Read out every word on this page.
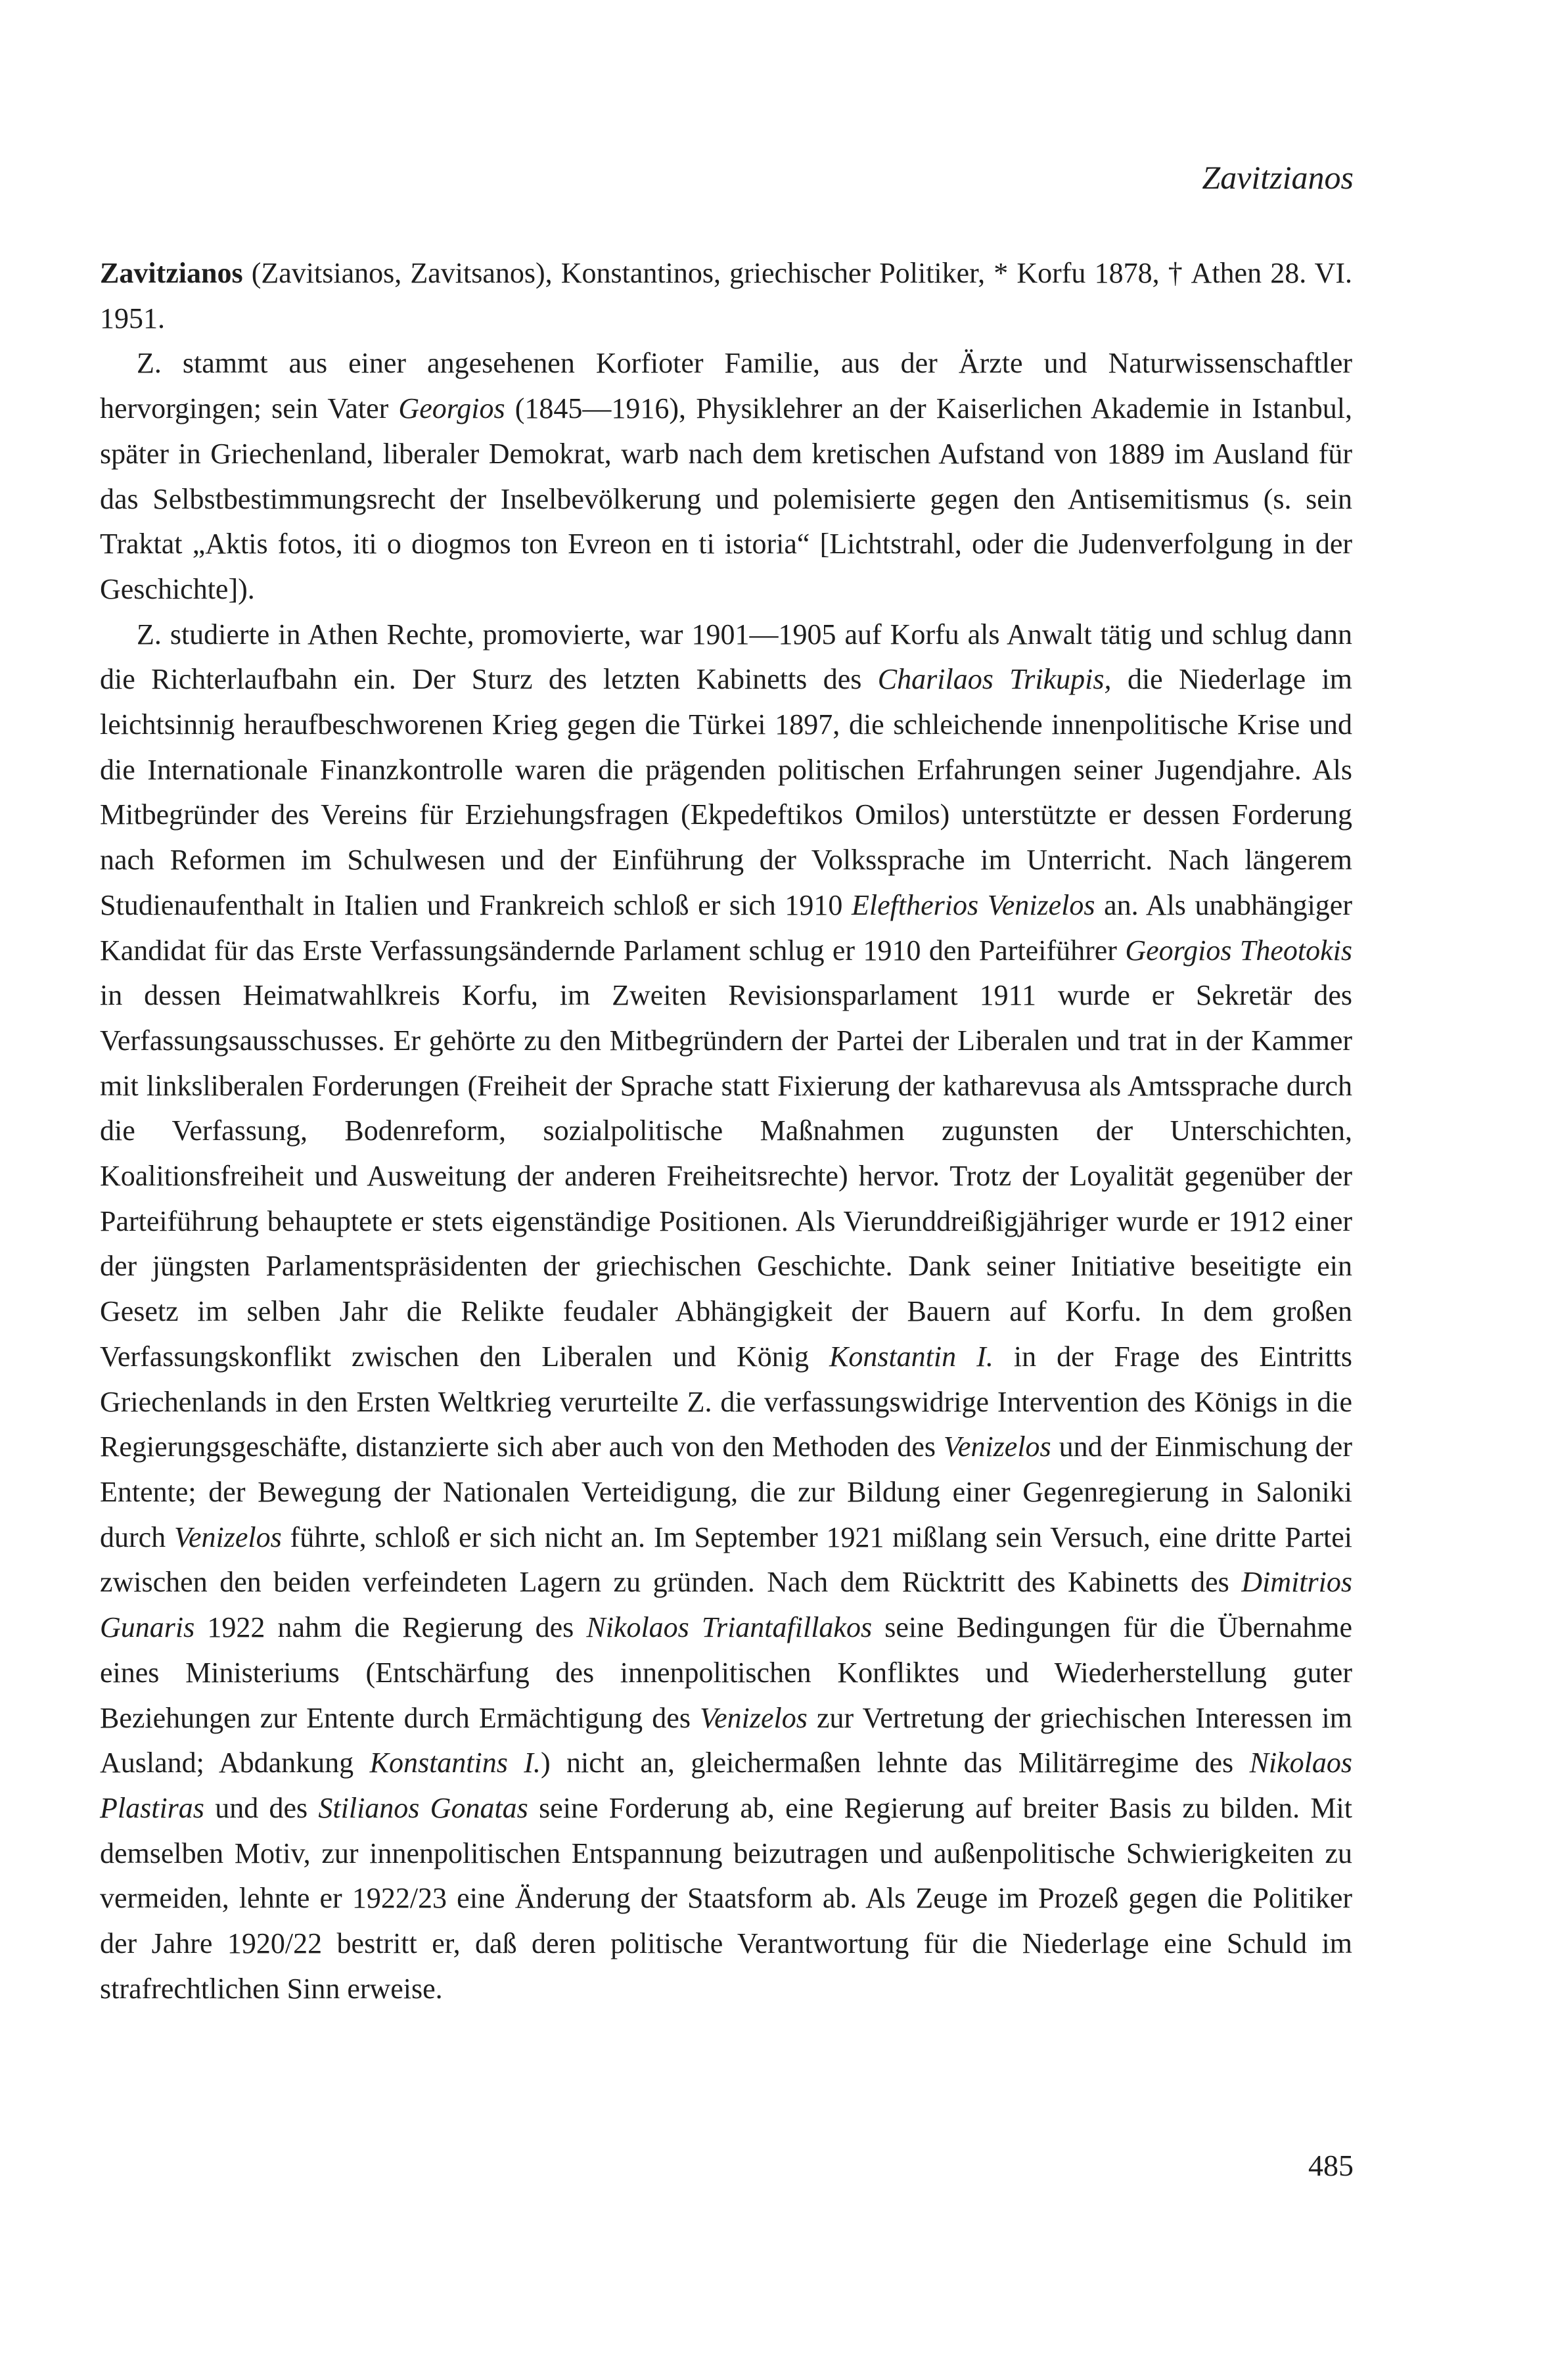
Zavitzianos

Zavitzianos (Zavitsianos, Zavitsanos), Konstantinos, griechischer Politiker, * Korfu 1878, † Athen 28. VI. 1951.

Z. stammt aus einer angesehenen Korfioter Familie, aus der Ärzte und Naturwissenschaftler hervorgingen; sein Vater Georgios (1845—1916), Physiklehrer an der Kaiserlichen Akademie in Istanbul, später in Griechenland, liberaler Demokrat, warb nach dem kretischen Aufstand von 1889 im Ausland für das Selbstbestimmungsrecht der Inselbevölkerung und polemisierte gegen den Antisemitismus (s. sein Traktat „Aktis fotos, iti o diogmos ton Evreon en ti istoria“ [Lichtstrahl, oder die Judenverfolgung in der Geschichte]).

Z. studierte in Athen Rechte, promovierte, war 1901—1905 auf Korfu als Anwalt tätig und schlug dann die Richterlaufbahn ein. Der Sturz des letzten Kabinetts des Charilaos Trikupis, die Niederlage im leichtsinnig heraufbeschworenen Krieg gegen die Türkei 1897, die schleichende innenpolitische Krise und die Internationale Finanzkontrolle waren die prägenden politischen Erfahrungen seiner Jugendjahre. Als Mitbegründer des Vereins für Erziehungsfragen (Ekpedeftikos Omilos) unterstützte er dessen Forderung nach Reformen im Schulwesen und der Einführung der Volkssprache im Unterricht. Nach längerem Studienaufenthalt in Italien und Frankreich schloß er sich 1910 Eleftherios Venizelos an. Als unabhängiger Kandidat für das Erste Verfassungsändernde Parlament schlug er 1910 den Parteiführer Georgios Theotokis in dessen Heimatwahlkreis Korfu, im Zweiten Revisionsparlament 1911 wurde er Sekretär des Verfassungsausschusses. Er gehörte zu den Mitbegründern der Partei der Liberalen und trat in der Kammer mit linksliberalen Forderungen (Freiheit der Sprache statt Fixierung der katharevusa als Amtssprache durch die Verfassung, Bodenreform, sozialpolitische Maßnahmen zugunsten der Unterschichten, Koalitionsfreiheit und Ausweitung der anderen Freiheitsrechte) hervor. Trotz der Loyalität gegenüber der Parteiführung behauptete er stets eigenständige Positionen. Als Vierunddreißigjähriger wurde er 1912 einer der jüngsten Parlamentspräsidenten der griechischen Geschichte. Dank seiner Initiative beseitigte ein Gesetz im selben Jahr die Relikte feudaler Abhängigkeit der Bauern auf Korfu. In dem großen Verfassungskonflikt zwischen den Liberalen und König Konstantin I. in der Frage des Eintritts Griechenlands in den Ersten Weltkrieg verurteilte Z. die verfassungswidrige Intervention des Königs in die Regierungsgeschäfte, distanzierte sich aber auch von den Methoden des Venizelos und der Einmischung der Entente; der Bewegung der Nationalen Verteidigung, die zur Bildung einer Gegenregierung in Saloniki durch Venizelos führte, schloß er sich nicht an. Im September 1921 mißlang sein Versuch, eine dritte Partei zwischen den beiden verfeindeten Lagern zu gründen. Nach dem Rücktritt des Kabinetts des Dimitrios Gunaris 1922 nahm die Regierung des Nikolaos Triantafillakos seine Bedingungen für die Übernahme eines Ministeriums (Entschärfung des innenpolitischen Konfliktes und Wiederherstellung guter Beziehungen zur Entente durch Ermächtigung des Venizelos zur Vertretung der griechischen Interessen im Ausland; Abdankung Konstantins I.) nicht an, gleichermaßen lehnte das Militärregime des Nikolaos Plastiras und des Stilianos Gonatas seine Forderung ab, eine Regierung auf breiter Basis zu bilden. Mit demselben Motiv, zur innenpolitischen Entspannung beizutragen und außenpolitische Schwierigkeiten zu vermeiden, lehnte er 1922/23 eine Änderung der Staatsform ab. Als Zeuge im Prozeß gegen die Politiker der Jahre 1920/22 bestritt er, daß deren politische Verantwortung für die Niederlage eine Schuld im strafrechtlichen Sinn erweise.

485
